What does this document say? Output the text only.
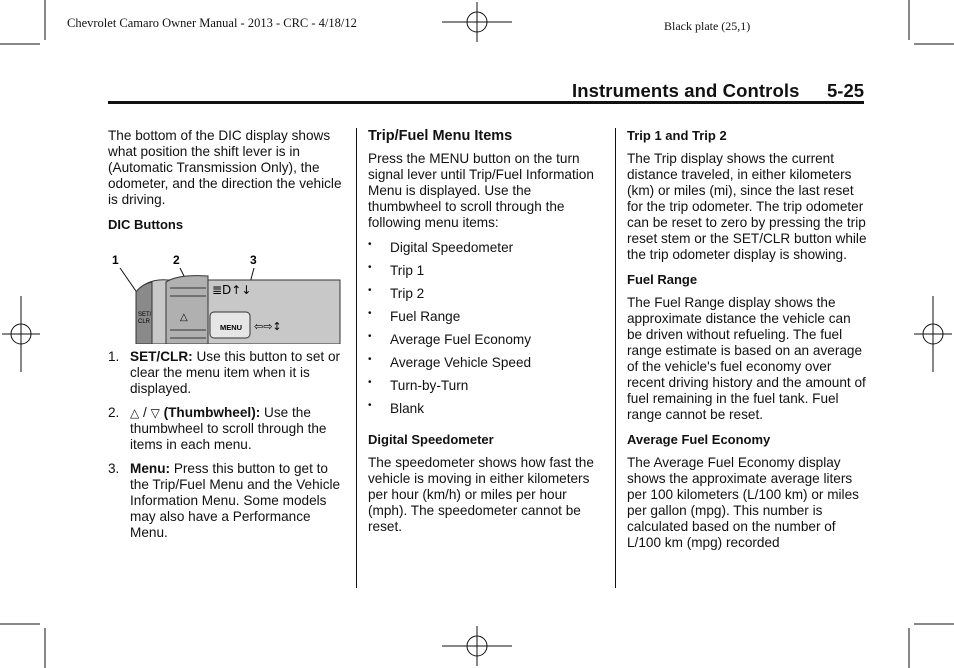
Chevrolet Camaro Owner Manual - 2013 - CRC - 4/18/12	Black plate (25,1)
Instruments and Controls 5-25

The bottom of the DIC display shows what position the shift lever is in (Automatic Transmission Only), the odometer, and the direction the vehicle is driving.

DIC Buttons
1	2	3
SET/
CLR	△
MENU
≣D↑↓
⇦⇨↕
1. SET/CLR: Use this button to set or clear the menu item when it is displayed.
2. △ / ▽ (Thumbwheel): Use the thumbwheel to scroll through the items in each menu.
3. Menu: Press this button to get to the Trip/Fuel Menu and the Vehicle Information Menu. Some models may also have a Performance Menu.
Trip/Fuel Menu Items

Press the MENU button on the turn signal lever until Trip/Fuel Information Menu is displayed. Use the thumbwheel to scroll through the following menu items:

• Digital Speedometer
• Trip 1
• Trip 2
• Fuel Range
• Average Fuel Economy
• Average Vehicle Speed
• Turn-by-Turn
• Blank
Digital Speedometer

The speedometer shows how fast the vehicle is moving in either kilometers per hour (km/h) or miles per hour (mph). The speedometer cannot be reset.

Trip 1 and Trip 2

The Trip display shows the current distance traveled, in either kilometers (km) or miles (mi), since the last reset for the trip odometer. The trip odometer can be reset to zero by pressing the trip reset stem or the SET/CLR button while the trip odometer display is showing.

Fuel Range

The Fuel Range display shows the approximate distance the vehicle can be driven without refueling. The fuel range estimate is based on an average of the vehicle's fuel economy over recent driving history and the amount of fuel remaining in the fuel tank. Fuel range cannot be reset.

Average Fuel Economy

The Average Fuel Economy display shows the approximate average liters per 100 kilometers (L/100 km) or miles per gallon (mpg). This number is calculated based on the number of L/100 km (mpg) recorded
